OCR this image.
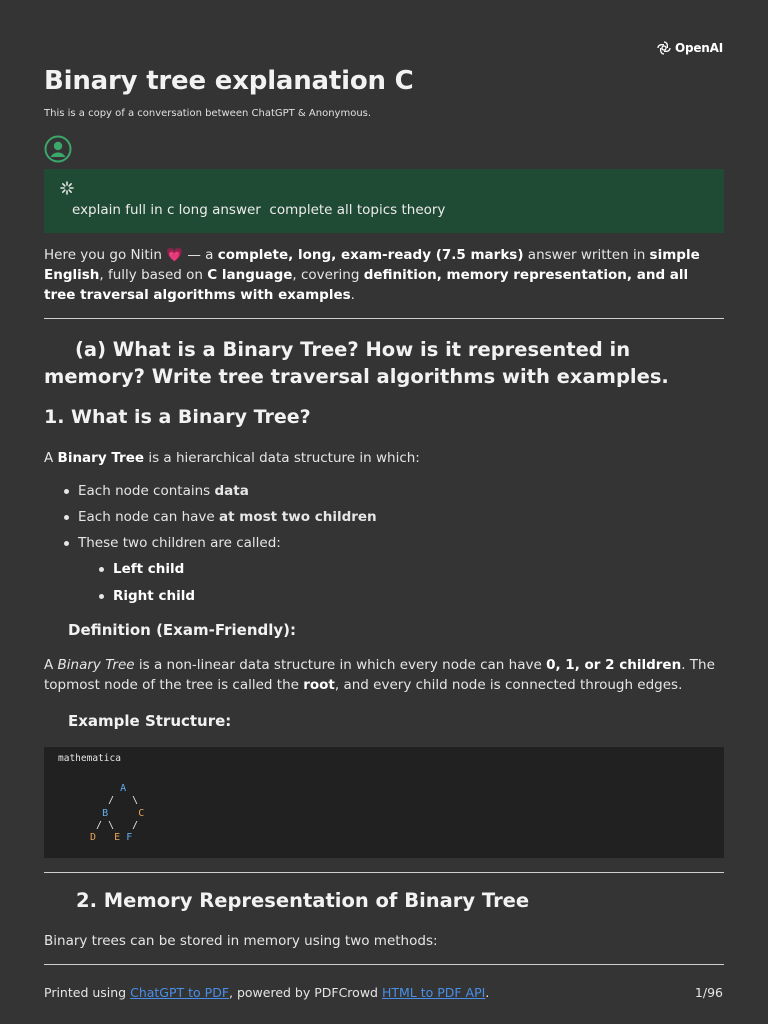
OpenAI
Binary tree explanation C
This is a copy of a conversation between ChatGPT & Anonymous.
explain full in c long answer  complete all topics theory
Here you go Nitin 💗 — a complete, long, exam-ready (7.5 marks) answer written in simple English, fully based on C language, covering definition, memory representation, and all tree traversal algorithms with examples.
(a) What is a Binary Tree? How is it represented in memory? Write tree traversal algorithms with examples.
1. What is a Binary Tree?
A Binary Tree is a hierarchical data structure in which:
Each node contains data
Each node can have at most two children
These two children are called:
Left child
Right child
Definition (Exam-Friendly):
A Binary Tree is a non-linear data structure in which every node can have 0, 1, or 2 children. The topmost node of the tree is called the root, and every child node is connected through edges.
Example Structure:
mathematica
A
/   \
B	C
/ \   /
D E F
2. Memory Representation of Binary Tree
Binary trees can be stored in memory using two methods:
Printed using ChatGPT to PDF, powered by PDFCrowd HTML to PDF API.	1/96
